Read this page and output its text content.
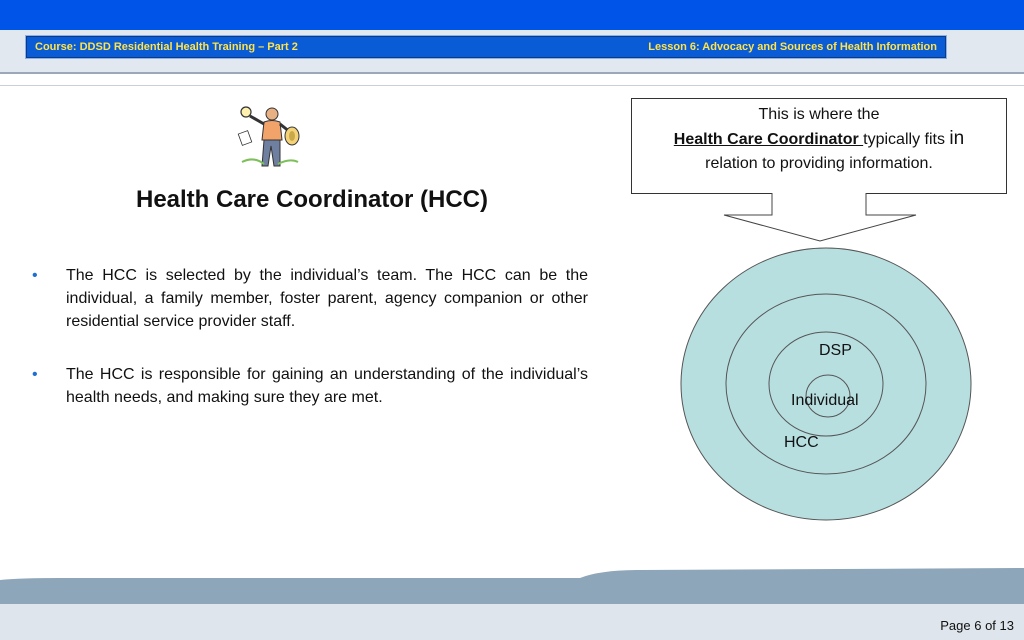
Course: DDSD Residential Health Training – Part 2	Lesson 6: Advocacy and Sources of Health Information
Health Care Coordinator (HCC)
• The HCC is selected by the individual’s team. The HCC can be the individual, a family member, foster parent, agency companion or other residential service provider staff.
• The HCC is responsible for gaining an understanding of the individual’s health needs, and making sure they are met.
This is where the
Health Care Coordinator typically fits in
relation to providing information.
DSP
Individual
HCC
Page 6 of 13
